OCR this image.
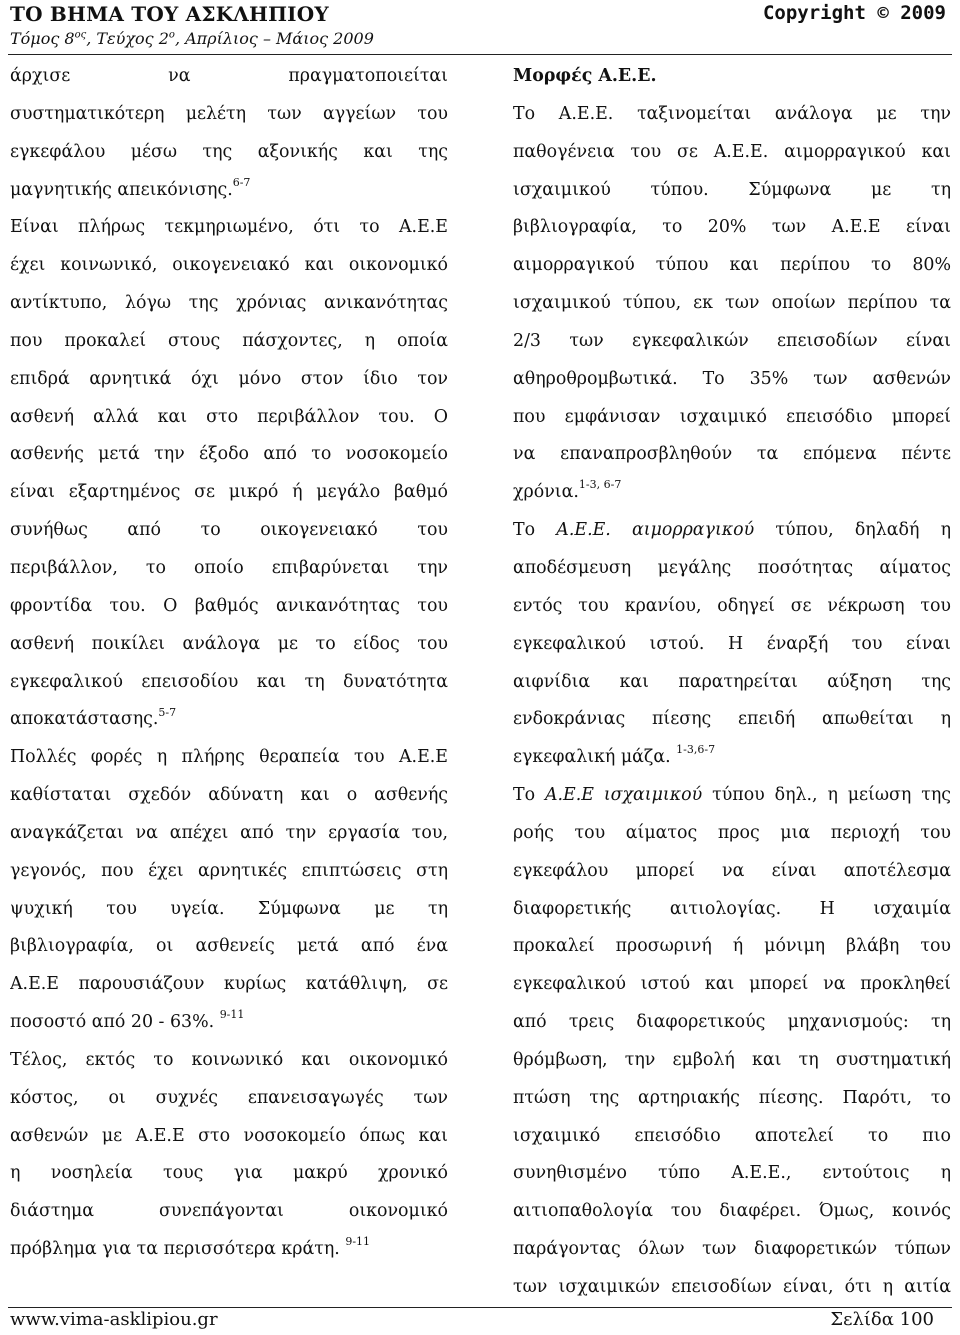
ΤΟ ΒΗΜΑ ΤΟΥ ΑΣΚΛΗΠΙΟΥ	Copyright © 2009
Τόμος $8^{o\varsigma}$, Τεύχος $2^o$, Απρίλιος – Μάιος 2009
άρχισε να πραγματοποιείται
συστηματικότερη μελέτη των αγγείων του
εγκεφάλου μέσω της αξονικής και της
μαγνητικής απεικόνισης.$^{6-7}$
Είναι πλήρως τεκμηριωμένο, ότι το Α.Ε.Ε
έχει κοινωνικό, οικογενειακό και οικονομικό
αντίκτυπο, λόγω της χρόνιας ανικανότητας
που προκαλεί στους πάσχοντες, η οποία
επιδρά αρνητικά όχι μόνο στον ίδιο τον
ασθενή αλλά και στο περιβάλλον του. Ο
ασθενής μετά την έξοδο από το νοσοκομείο
είναι εξαρτημένος σε μικρό ή μεγάλο βαθμό
συνήθως από το οικογενειακό του
περιβάλλον, το οποίο επιβαρύνεται την
φροντίδα του. Ο βαθμός ανικανότητας του
ασθενή ποικίλει ανάλογα με το είδος του
εγκεφαλικού επεισοδίου και τη δυνατότητα
αποκατάστασης.$^{5-7}$
Πολλές φορές η πλήρης θεραπεία του Α.Ε.Ε
καθίσταται σχεδόν αδύνατη και ο ασθενής
αναγκάζεται να απέχει από την εργασία του,
γεγονός, που έχει αρνητικές επιπτώσεις στη
ψυχική του υγεία. Σύμφωνα με τη
βιβλιογραφία, οι ασθενείς μετά από ένα
Α.Ε.Ε παρουσιάζουν κυρίως κατάθλιψη, σε
ποσοστό από 20 - 63%. $^{9-11}$
Τέλος, εκτός το κοινωνικό και οικονομικό
κόστος, οι συχνές επανεισαγωγές των
ασθενών με Α.Ε.Ε στο νοσοκομείο όπως και
η νοσηλεία τους για μακρύ χρονικό
διάστημα συνεπάγονται οικονομικό
πρόβλημα για τα περισσότερα κράτη. $^{9-11}$
Μορφές Α.Ε.Ε.
Το Α.Ε.Ε. ταξινομείται ανάλογα με την
παθογένεια του σε Α.Ε.Ε. αιμορραγικού και
ισχαιμικού τύπου. Σύμφωνα με τη
βιβλιογραφία, το 20% των Α.Ε.Ε είναι
αιμορραγικού τύπου και περίπου το 80%
ισχαιμικού τύπου, εκ των οποίων περίπου τα
2/3 των εγκεφαλικών επεισοδίων είναι
αθηροθρομβωτικά. Το 35% των ασθενών
που εμφάνισαν ισχαιμικό επεισόδιο μπορεί
να επαναπροσβληθούν τα επόμενα πέντε
χρόνια.$^{1-3, 6-7}$
Το Α.Ε.Ε. αιμορραγικού τύπου, δηλαδή η
αποδέσμευση μεγάλης ποσότητας αίματος
εντός του κρανίου, οδηγεί σε νέκρωση του
εγκεφαλικού ιστού. Η έναρξή του είναι
αιφνίδια και παρατηρείται αύξηση της
ενδοκράνιας πίεσης επειδή απωθείται η
εγκεφαλική μάζα. $^{1-3,6-7}$
Το Α.Ε.Ε ισχαιμικού τύπου δηλ., η μείωση της
ροής του αίματος προς μια περιοχή του
εγκεφάλου μπορεί να είναι αποτέλεσμα
διαφορετικής αιτιολογίας. Η ισχαιμία
προκαλεί προσωρινή ή μόνιμη βλάβη του
εγκεφαλικού ιστού και μπορεί να προκληθεί
από τρεις διαφορετικούς μηχανισμούς: τη
θρόμβωση, την εμβολή και τη συστηματική
πτώση της αρτηριακής πίεσης. Παρότι, το
ισχαιμικό επεισόδιο αποτελεί το πιο
συνηθισμένο τύπο Α.Ε.Ε., εντούτοις η
αιτιοπαθολογία του διαφέρει. Όμως, κοινός
παράγοντας όλων των διαφορετικών τύπων
των ισχαιμικών επεισοδίων είναι, ότι η αιτία
www.vima-asklipiou.gr	Σελίδα 100
